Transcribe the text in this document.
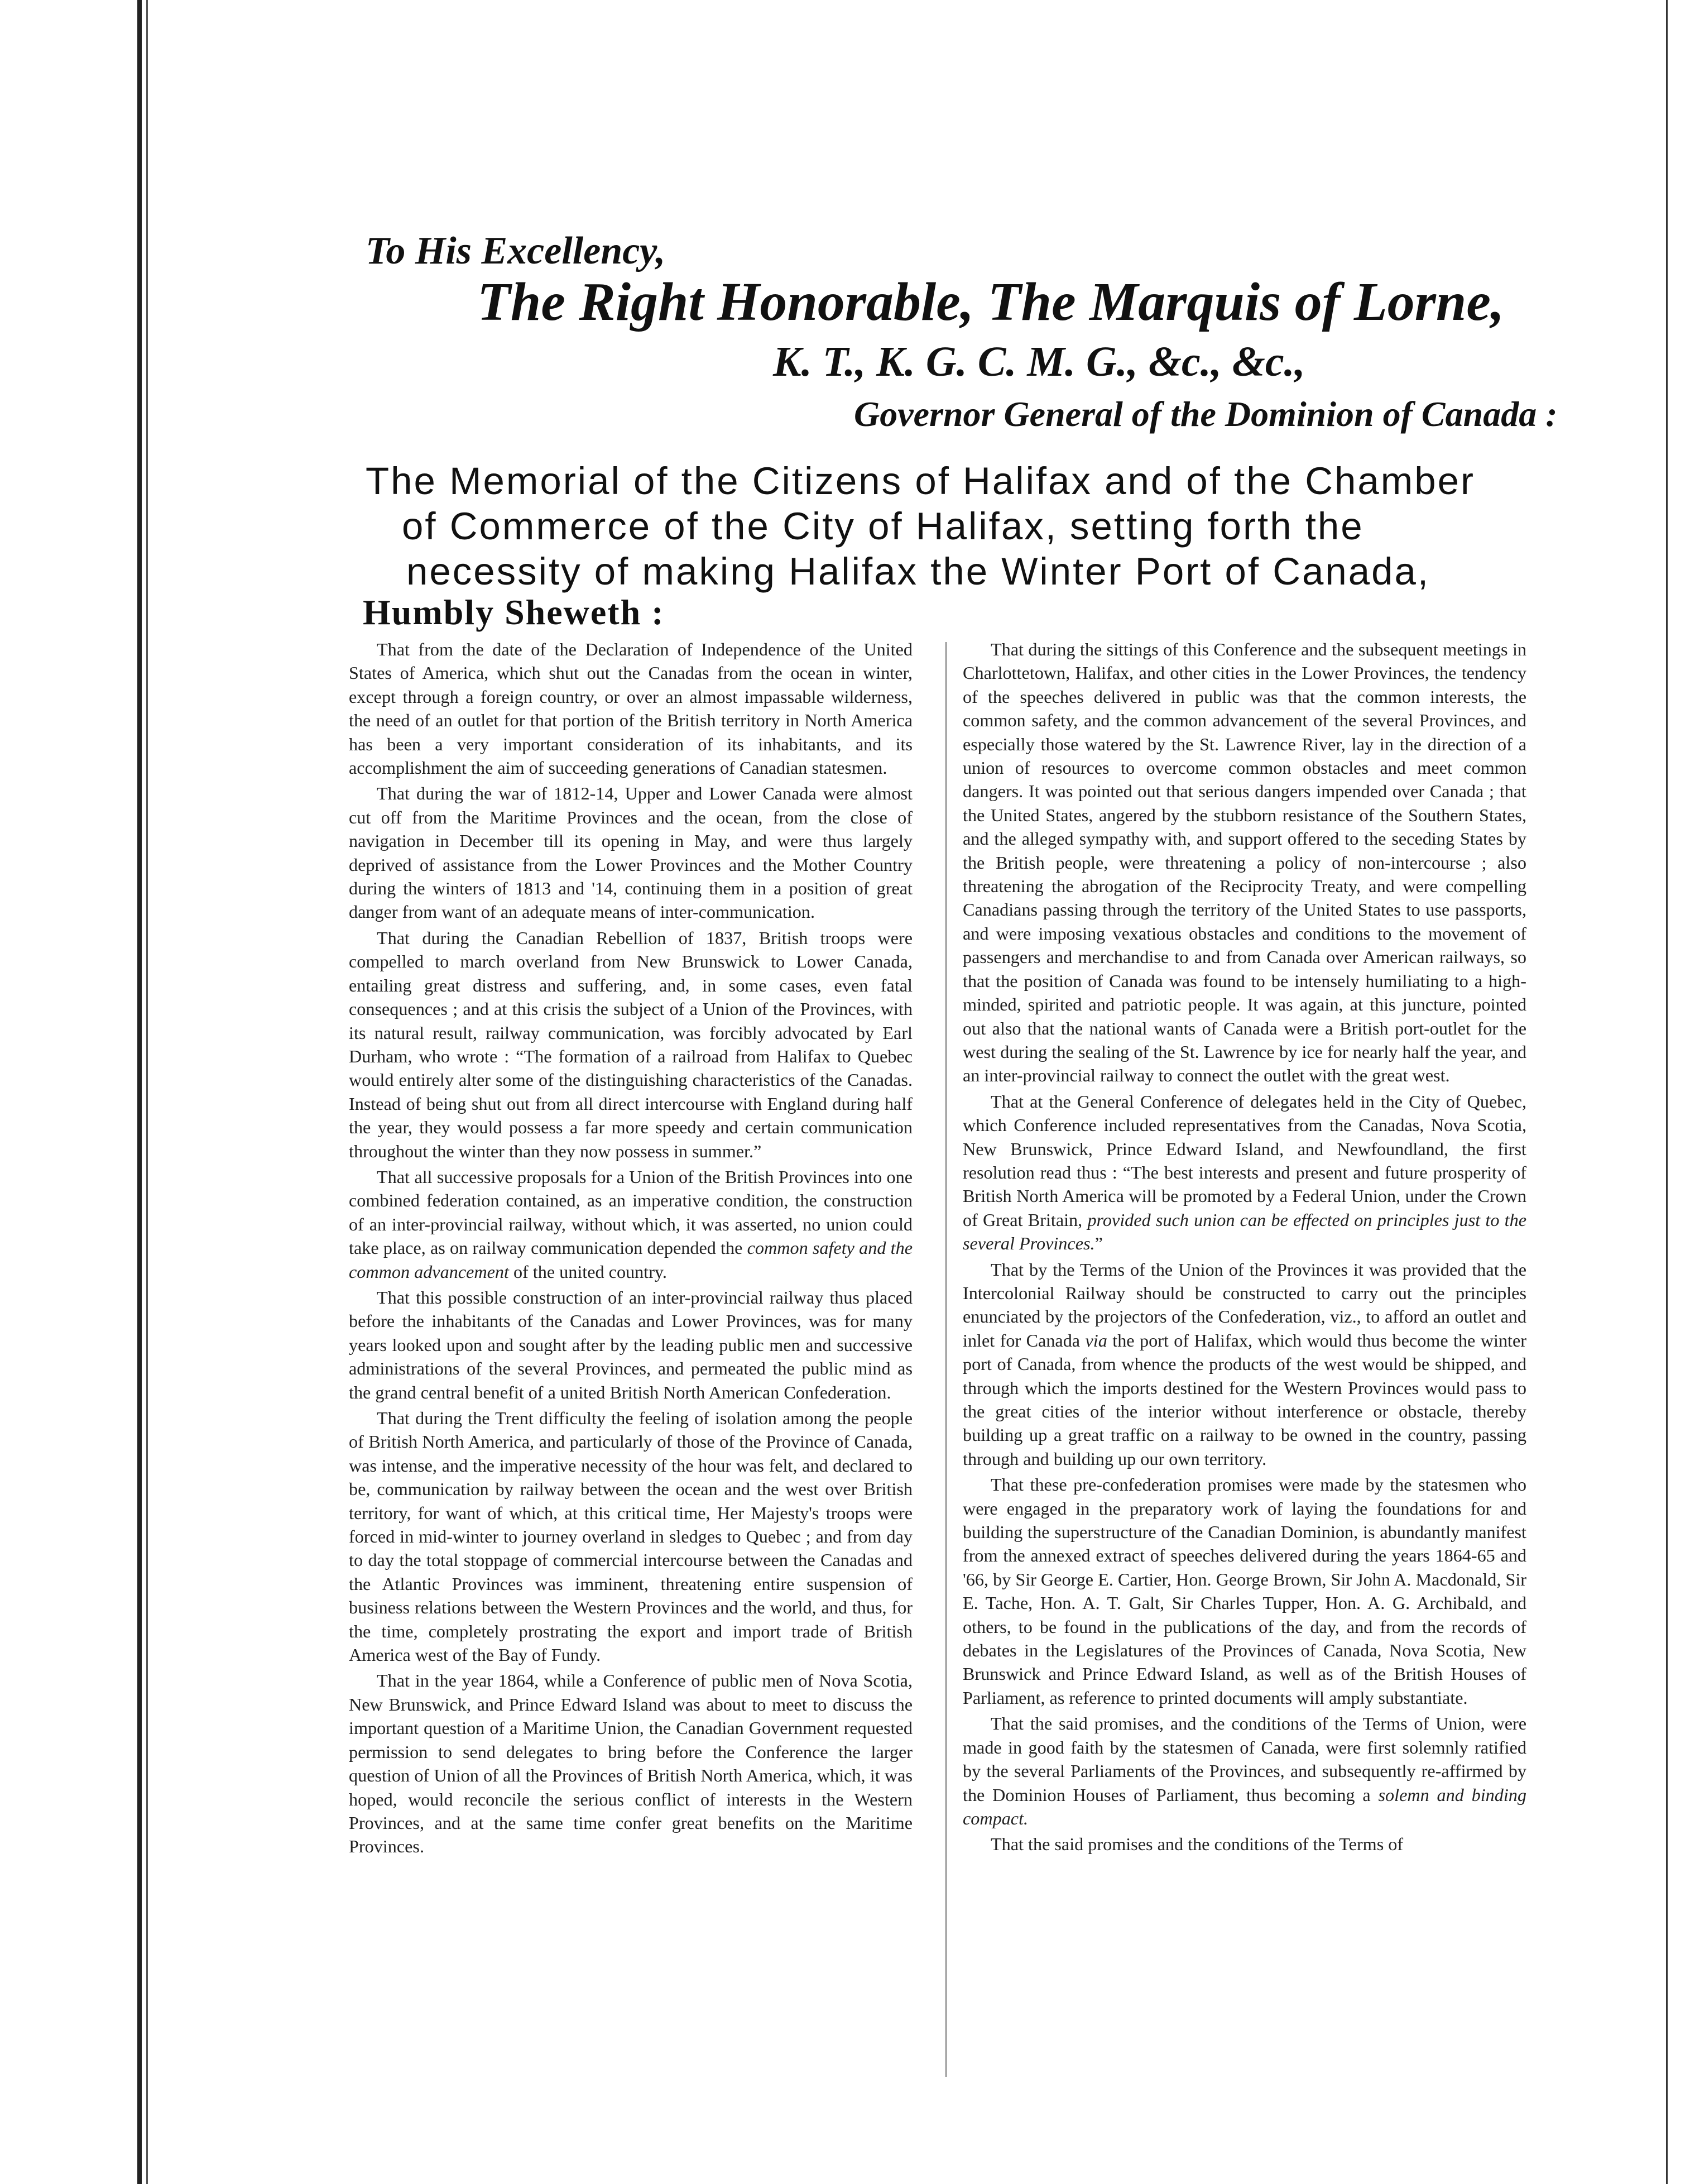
To His Excellency,
The Right Honorable, The Marquis of Lorne,
K. T., K. G. C. M. G., &c., &c.,
Governor General of the Dominion of Canada :
The Memorial of the Citizens of Halifax and of the Chamber
of Commerce of the City of Halifax, setting forth the
necessity of making Halifax the Winter Port of Canada,
Humbly Sheweth :

That from the date of the Declaration of Independence of the United States of America, which shut out the Canadas from the ocean in winter, except through a foreign country, or over an almost impassable wilderness, the need of an outlet for that portion of the British territory in North America has been a very important consideration of its inhabitants, and its accomplishment the aim of succeeding generations of Canadian statesmen.

That during the war of 1812-14, Upper and Lower Canada were almost cut off from the Maritime Provinces and the ocean, from the close of navigation in December till its opening in May, and were thus largely deprived of assistance from the Lower Provinces and the Mother Country during the winters of 1813 and '14, continuing them in a position of great danger from want of an adequate means of inter-communication.

That during the Canadian Rebellion of 1837, British troops were compelled to march overland from New Brunswick to Lower Canada, entailing great distress and suffering, and, in some cases, even fatal consequences ; and at this crisis the subject of a Union of the Provinces, with its natural result, railway communication, was forcibly advocated by Earl Durham, who wrote : “The formation of a railroad from Halifax to Quebec would entirely alter some of the distinguishing characteristics of the Canadas. Instead of being shut out from all direct intercourse with England during half the year, they would possess a far more speedy and certain communication throughout the winter than they now possess in summer.”

That all successive proposals for a Union of the British Provinces into one combined federation contained, as an imperative condition, the construction of an inter-provincial railway, without which, it was asserted, no union could take place, as on railway communication depended the common safety and the common advancement of the united country.

That this possible construction of an inter-provincial railway thus placed before the inhabitants of the Canadas and Lower Provinces, was for many years looked upon and sought after by the leading public men and successive administrations of the several Provinces, and permeated the public mind as the grand central benefit of a united British North American Confederation.

That during the Trent difficulty the feeling of isolation among the people of British North America, and particularly of those of the Province of Canada, was intense, and the imperative necessity of the hour was felt, and declared to be, communication by railway between the ocean and the west over British territory, for want of which, at this critical time, Her Majesty's troops were forced in mid-winter to journey overland in sledges to Quebec ; and from day to day the total stoppage of commercial intercourse between the Canadas and the Atlantic Provinces was imminent, threatening entire suspension of business relations between the Western Provinces and the world, and thus, for the time, completely prostrating the export and import trade of British America west of the Bay of Fundy.

That in the year 1864, while a Conference of public men of Nova Scotia, New Brunswick, and Prince Edward Island was about to meet to discuss the important question of a Maritime Union, the Canadian Government requested permission to send delegates to bring before the Conference the larger question of Union of all the Provinces of British North America, which, it was hoped, would reconcile the serious conflict of interests in the Western Provinces, and at the same time confer great benefits on the Maritime Provinces.

That during the sittings of this Conference and the subsequent meetings in Charlottetown, Halifax, and other cities in the Lower Provinces, the tendency of the speeches delivered in public was that the common interests, the common safety, and the common advancement of the several Provinces, and especially those watered by the St. Lawrence River, lay in the direction of a union of resources to overcome common obstacles and meet common dangers. It was pointed out that serious dangers impended over Canada ; that the United States, angered by the stubborn resistance of the Southern States, and the alleged sympathy with, and support offered to the seceding States by the British people, were threatening a policy of non-intercourse ; also threatening the abrogation of the Reciprocity Treaty, and were compelling Canadians passing through the territory of the United States to use passports, and were imposing vexatious obstacles and conditions to the movement of passengers and merchandise to and from Canada over American railways, so that the position of Canada was found to be intensely humiliating to a high-minded, spirited and patriotic people. It was again, at this juncture, pointed out also that the national wants of Canada were a British port-outlet for the west during the sealing of the St. Lawrence by ice for nearly half the year, and an inter-provincial railway to connect the outlet with the great west.

That at the General Conference of delegates held in the City of Quebec, which Conference included representatives from the Canadas, Nova Scotia, New Brunswick, Prince Edward Island, and Newfoundland, the first resolution read thus : “The best interests and present and future prosperity of British North America will be promoted by a Federal Union, under the Crown of Great Britain, provided such union can be effected on principles just to the several Provinces.”

That by the Terms of the Union of the Provinces it was provided that the Intercolonial Railway should be constructed to carry out the principles enunciated by the projectors of the Confederation, viz., to afford an outlet and inlet for Canada via the port of Halifax, which would thus become the winter port of Canada, from whence the products of the west would be shipped, and through which the imports destined for the Western Provinces would pass to the great cities of the interior without interference or obstacle, thereby building up a great traffic on a railway to be owned in the country, passing through and building up our own territory.

That these pre-confederation promises were made by the statesmen who were engaged in the preparatory work of laying the foundations for and building the superstructure of the Canadian Dominion, is abundantly manifest from the annexed extract of speeches delivered during the years 1864-65 and '66, by Sir George E. Cartier, Hon. George Brown, Sir John A. Macdonald, Sir E. Tache, Hon. A. T. Galt, Sir Charles Tupper, Hon. A. G. Archibald, and others, to be found in the publications of the day, and from the records of debates in the Legislatures of the Provinces of Canada, Nova Scotia, New Brunswick and Prince Edward Island, as well as of the British Houses of Parliament, as reference to printed documents will amply substantiate.

That the said promises, and the conditions of the Terms of Union, were made in good faith by the statesmen of Canada, were first solemnly ratified by the several Parliaments of the Provinces, and subsequently re-affirmed by the Dominion Houses of Parliament, thus becoming a solemn and binding compact.

That the said promises and the conditions of the Terms of
